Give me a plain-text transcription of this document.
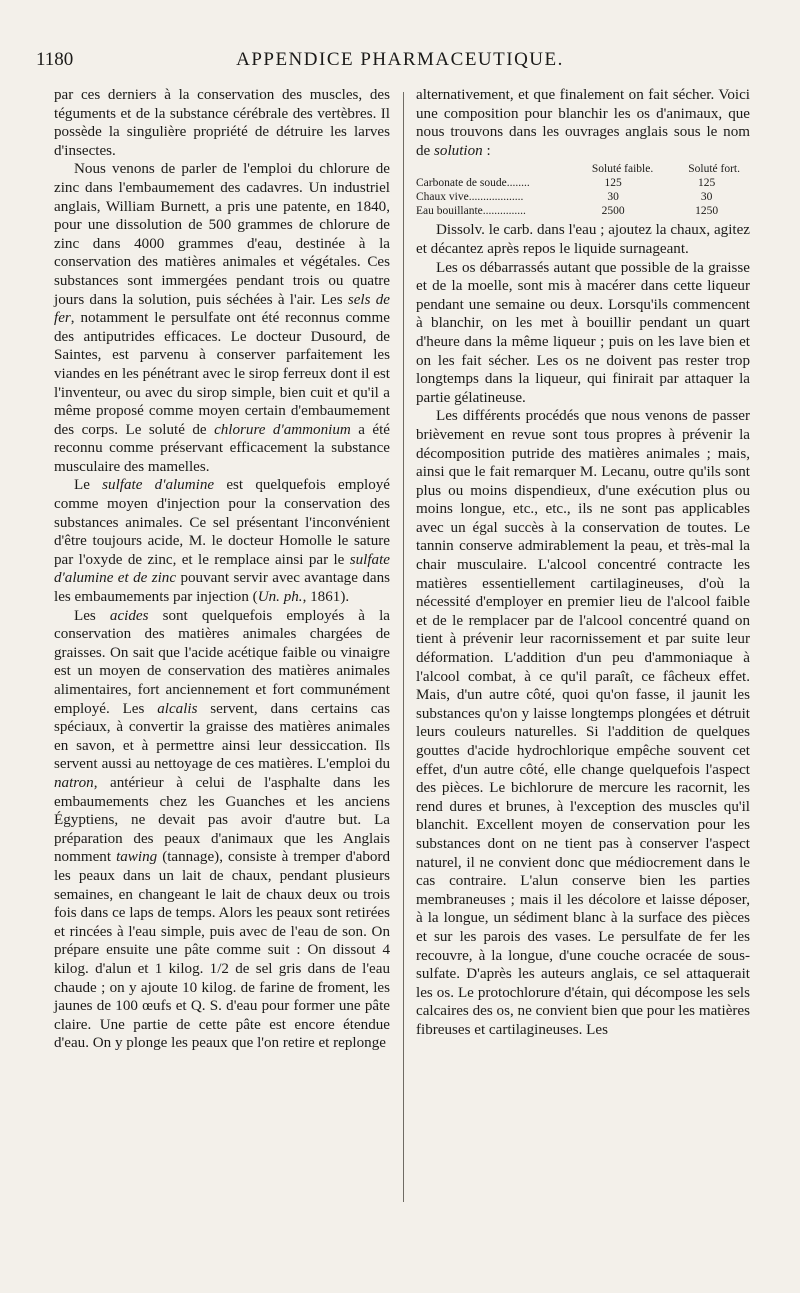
1180	APPENDICE PHARMACEUTIQUE.

par ces derniers à la conservation des muscles, des téguments et de la substance cérébrale des vertèbres. Il possède la singulière propriété de détruire les larves d'insectes.

Nous venons de parler de l'emploi du chlorure de zinc dans l'embaumement des cadavres. Un industriel anglais, William Burnett, a pris une patente, en 1840, pour une dissolution de 500 grammes de chlorure de zinc dans 4000 grammes d'eau, destinée à la conservation des matières animales et végétales. Ces substances sont immergées pendant trois ou quatre jours dans la solution, puis séchées à l'air. Les sels de fer, notamment le persulfate ont été reconnus comme des antiputrides efficaces. Le docteur Dusourd, de Saintes, est parvenu à conserver parfaitement les viandes en les pénétrant avec le sirop ferreux dont il est l'inventeur, ou avec du sirop simple, bien cuit et qu'il a même proposé comme moyen certain d'embaumement des corps. Le soluté de chlorure d'ammonium a été reconnu comme préservant efficacement la substance musculaire des mamelles.

Le sulfate d'alumine est quelquefois employé comme moyen d'injection pour la conservation des substances animales. Ce sel présentant l'inconvénient d'être toujours acide, M. le docteur Homolle le sature par l'oxyde de zinc, et le remplace ainsi par le sulfate d'alumine et de zinc pouvant servir avec avantage dans les embaumements par injection (Un. ph., 1861).

Les acides sont quelquefois employés à la conservation des matières animales chargées de graisses. On sait que l'acide acétique faible ou vinaigre est un moyen de conservation des matières animales alimentaires, fort anciennement et fort communément employé. Les alcalis servent, dans certains cas spéciaux, à convertir la graisse des matières animales en savon, et à permettre ainsi leur dessiccation. Ils servent aussi au nettoyage de ces matières. L'emploi du natron, antérieur à celui de l'asphalte dans les embaumements chez les Guanches et les anciens Égyptiens, ne devait pas avoir d'autre but. La préparation des peaux d'animaux que les Anglais nomment tawing (tannage), consiste à tremper d'abord les peaux dans un lait de chaux, pendant plusieurs semaines, en changeant le lait de chaux deux ou trois fois dans ce laps de temps. Alors les peaux sont retirées et rincées à l'eau simple, puis avec de l'eau de son. On prépare ensuite une pâte comme suit : On dissout 4 kilog. d'alun et 1 kilog. 1/2 de sel gris dans de l'eau chaude ; on y ajoute 10 kilog. de farine de froment, les jaunes de 100 œufs et Q. S. d'eau pour former une pâte claire. Une partie de cette pâte est encore étendue d'eau. On y plonge les peaux que l'on retire et replonge

alternativement, et que finalement on fait sécher. Voici une composition pour blanchir les os d'animaux, que nous trouvons dans les ouvrages anglais sous le nom de solution :

	Soluté faible.	Soluté fort.
Carbonate de soude........	125	125
Chaux vive...................	30	30
Eau bouillante...............	2500	1250

Dissolv. le carb. dans l'eau ; ajoutez la chaux, agitez et décantez après repos le liquide surnageant.

Les os débarrassés autant que possible de la graisse et de la moelle, sont mis à macérer dans cette liqueur pendant une semaine ou deux. Lorsqu'ils commencent à blanchir, on les met à bouillir pendant un quart d'heure dans la même liqueur ; puis on les lave bien et on les fait sécher. Les os ne doivent pas rester trop longtemps dans la liqueur, qui finirait par attaquer la partie gélatineuse.

Les différents procédés que nous venons de passer brièvement en revue sont tous propres à prévenir la décomposition putride des matières animales ; mais, ainsi que le fait remarquer M. Lecanu, outre qu'ils sont plus ou moins dispendieux, d'une exécution plus ou moins longue, etc., etc., ils ne sont pas applicables avec un égal succès à la conservation de toutes. Le tannin conserve admirablement la peau, et très-mal la chair musculaire. L'alcool concentré contracte les matières essentiellement cartilagineuses, d'où la nécessité d'employer en premier lieu de l'alcool faible et de le remplacer par de l'alcool concentré quand on tient à prévenir leur racornissement et par suite leur déformation. L'addition d'un peu d'ammoniaque à l'alcool combat, à ce qu'il paraît, ce fâcheux effet. Mais, d'un autre côté, quoi qu'on fasse, il jaunit les substances qu'on y laisse longtemps plongées et détruit leurs couleurs naturelles. Si l'addition de quelques gouttes d'acide hydrochlorique empêche souvent cet effet, d'un autre côté, elle change quelquefois l'aspect des pièces. Le bichlorure de mercure les racornit, les rend dures et brunes, à l'exception des muscles qu'il blanchit. Excellent moyen de conservation pour les substances dont on ne tient pas à conserver l'aspect naturel, il ne convient donc que médiocrement dans le cas contraire. L'alun conserve bien les parties membraneuses ; mais il les décolore et laisse déposer, à la longue, un sédiment blanc à la surface des pièces et sur les parois des vases. Le persulfate de fer les recouvre, à la longue, d'une couche ocracée de sous-sulfate. D'après les auteurs anglais, ce sel attaquerait les os. Le protochlorure d'étain, qui décompose les sels calcaires des os, ne convient bien que pour les matières fibreuses et cartilagineuses. Les
